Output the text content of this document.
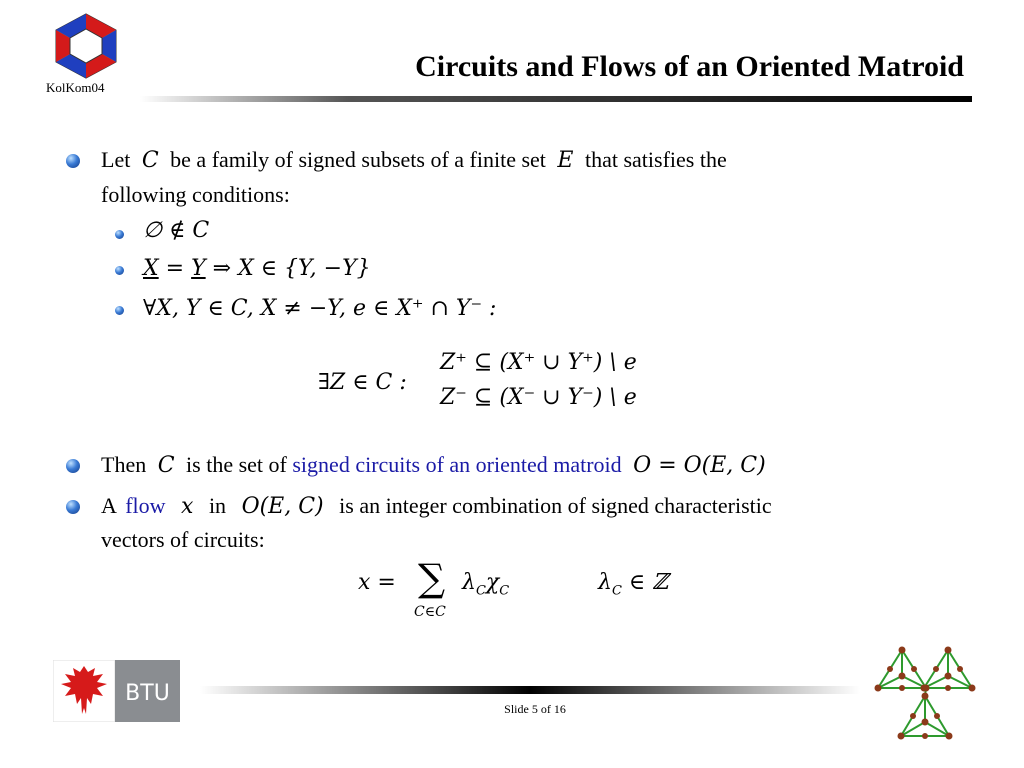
KolKom04
Circuits and Flows of an Oriented Matroid
Let C be a family of signed subsets of a finite set E that satisfies the
following conditions:
∅ ∉ C
X = Y ⇒ X ∈ {Y, −Y}
∀X, Y ∈ C, X ≠ −Y, e ∈ X⁺ ∩ Y⁻ :
∃Z ∈ C :
Z⁺ ⊆ (X⁺ ∪ Y⁺) \ e
Z⁻ ⊆ (X⁻ ∪ Y⁻) \ e
Then C is the set of signed circuits of an oriented matroid O = O(E, C)
A flow x in O(E, C) is an integer combination of signed characteristic
vectors of circuits:
x = ∑
C∈C
$\lambda_C\chi_C$	$\lambda_C$ ∈ ℤ
BTU
Slide 5 of 16
